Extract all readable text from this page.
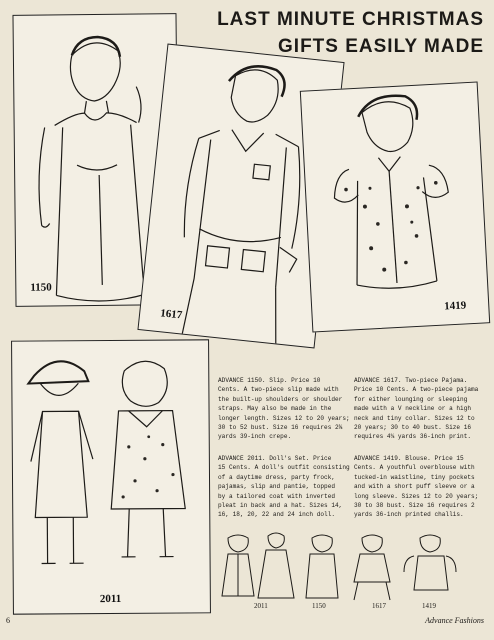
LAST MINUTE CHRISTMAS
GIFTS EASILY MADE
1150
1617
1419
2011
ADVANCE 1150. Slip. Price 10
Cents. A two-piece slip made with
the built-up shoulders or shoulder
straps. May also be made in the
longer length. Sizes 12 to 20 years;
30 to 52 bust. Size 16 requires 2⅜
yards 39-inch crepe.
ADVANCE 2011. Doll's Set. Price
15 Cents. A doll's outfit consisting
of a daytime dress, party frock,
pajamas, slip and pantie, topped
by a tailored coat with inverted
pleat in back and a hat. Sizes 14,
16, 18, 20, 22 and 24 inch doll.
ADVANCE 1617. Two-piece Pajama.
Price 10 Cents. A two-piece pajama
for either lounging or sleeping
made with a V neckline or a high
neck and tiny collar. Sizes 12 to
20 years; 30 to 40 bust. Size 16
requires 4⅛ yards 36-inch print.
ADVANCE 1419. Blouse. Price 15
Cents. A youthful overblouse with
tucked-in waistline, tiny pockets
and with a short puff sleeve or a
long sleeve. Sizes 12 to 20 years;
30 to 38 bust. Size 16 requires 2
yards 36-inch printed challis.
2011	1150	1617	1419
6	Advance Fashions
